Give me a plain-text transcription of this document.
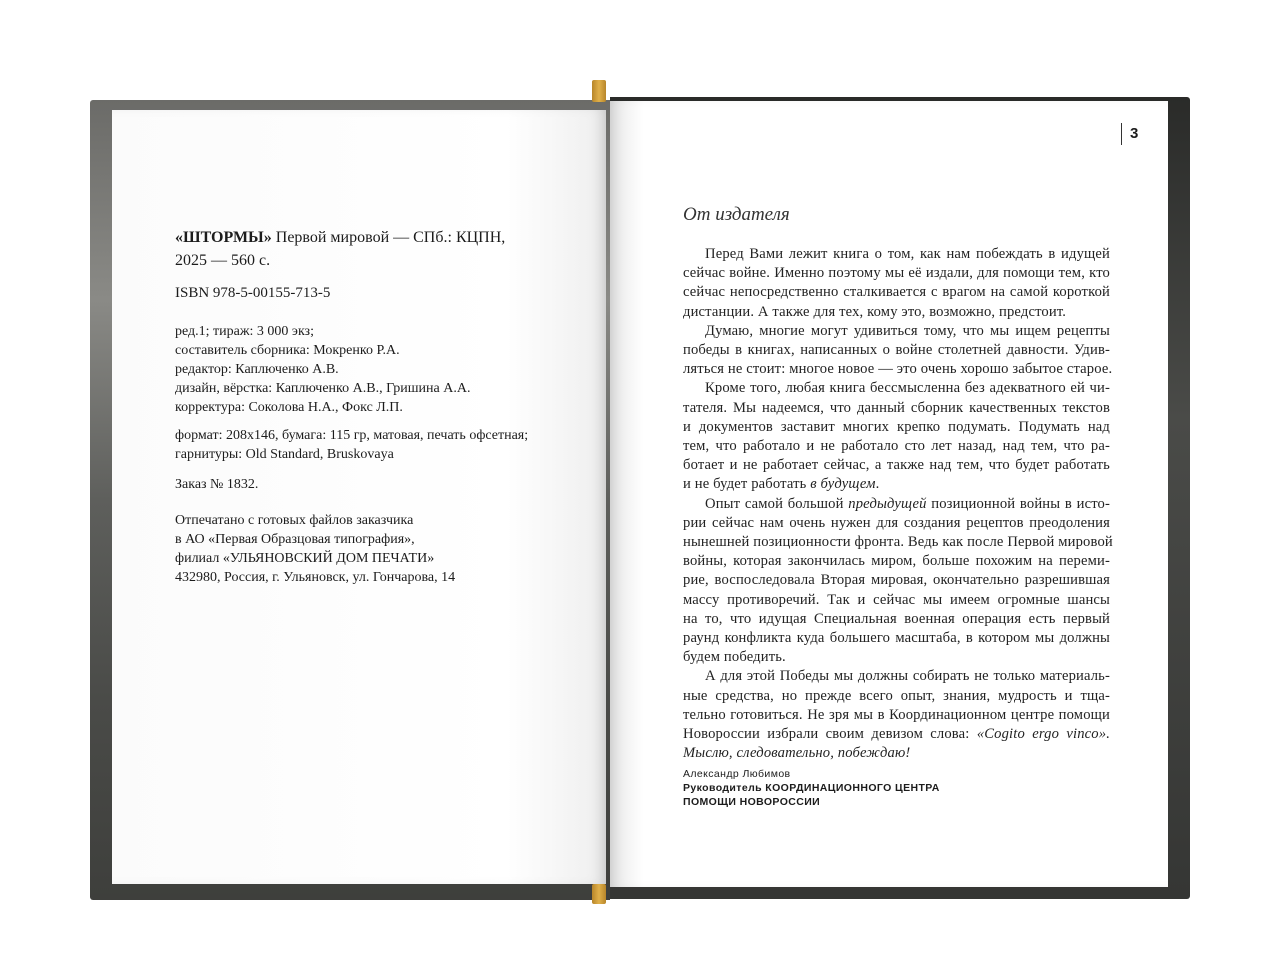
«ШТОРМЫ» Первой мировой — СПб.: КЦПН,
2025 — 560 с.
ISBN 978-5-00155-713-5
ред.1; тираж: 3 000 экз;
составитель сборника: Мокренко Р.А.
редактор: Каплюченко А.В.
дизайн, вёрстка: Каплюченко А.В., Гришина А.А.
корректура: Соколова Н.А., Фокс Л.П.
формат: 208х146, бумага: 115 гр, матовая, печать офсетная;
гарнитуры: Old Standard, Bruskovaya
Заказ № 1832.
Отпечатано с готовых файлов заказчика
в АО «Первая Образцовая типография»,
филиал «УЛЬЯНОВСКИЙ ДОМ ПЕЧАТИ»
432980, Россия, г. Ульяновск, ул. Гончарова, 14
3
От издателя
Перед Вами лежит книга о том, как нам побеждать в идущей
сейчас войне. Именно поэтому мы её издали, для помощи тем, кто
сейчас непосредственно сталкивается с врагом на самой короткой
дистанции. А также для тех, кому это, возможно, предстоит.
Думаю, многие могут удивиться тому, что мы ищем рецепты
победы в книгах, написанных о войне столетней давности. Удив-
ляться не стоит: многое новое — это очень хорошо забытое старое.
Кроме того, любая книга бессмысленна без адекватного ей чи-
тателя. Мы надеемся, что данный сборник качественных текстов
и документов заставит многих крепко подумать. Подумать над
тем, что работало и не работало сто лет назад, над тем, что ра-
ботает и не работает сейчас, а также над тем, что будет работать
и не будет работать в будущем.
Опыт самой большой предыдущей позиционной войны в исто-
рии сейчас нам очень нужен для создания рецептов преодоления
нынешней позиционности фронта. Ведь как после Первой мировой
войны, которая закончилась миром, больше похожим на переми-
рие, воспоследовала Вторая мировая, окончательно разрешившая
массу противоречий. Так и сейчас мы имеем огромные шансы
на то, что идущая Специальная военная операция есть первый
раунд конфликта куда большего масштаба, в котором мы должны
будем победить.
А для этой Победы мы должны собирать не только материаль-
ные средства, но прежде всего опыт, знания, мудрость и тща-
тельно готовиться. Не зря мы в Координационном центре помощи
Новороссии избрали своим девизом слова: «Cogito ergo vinco».
Мыслю, следовательно, побеждаю!
Александр Любимов
Руководитель КООРДИНАЦИОННОГО ЦЕНТРА
ПОМОЩИ НОВОРОССИИ
